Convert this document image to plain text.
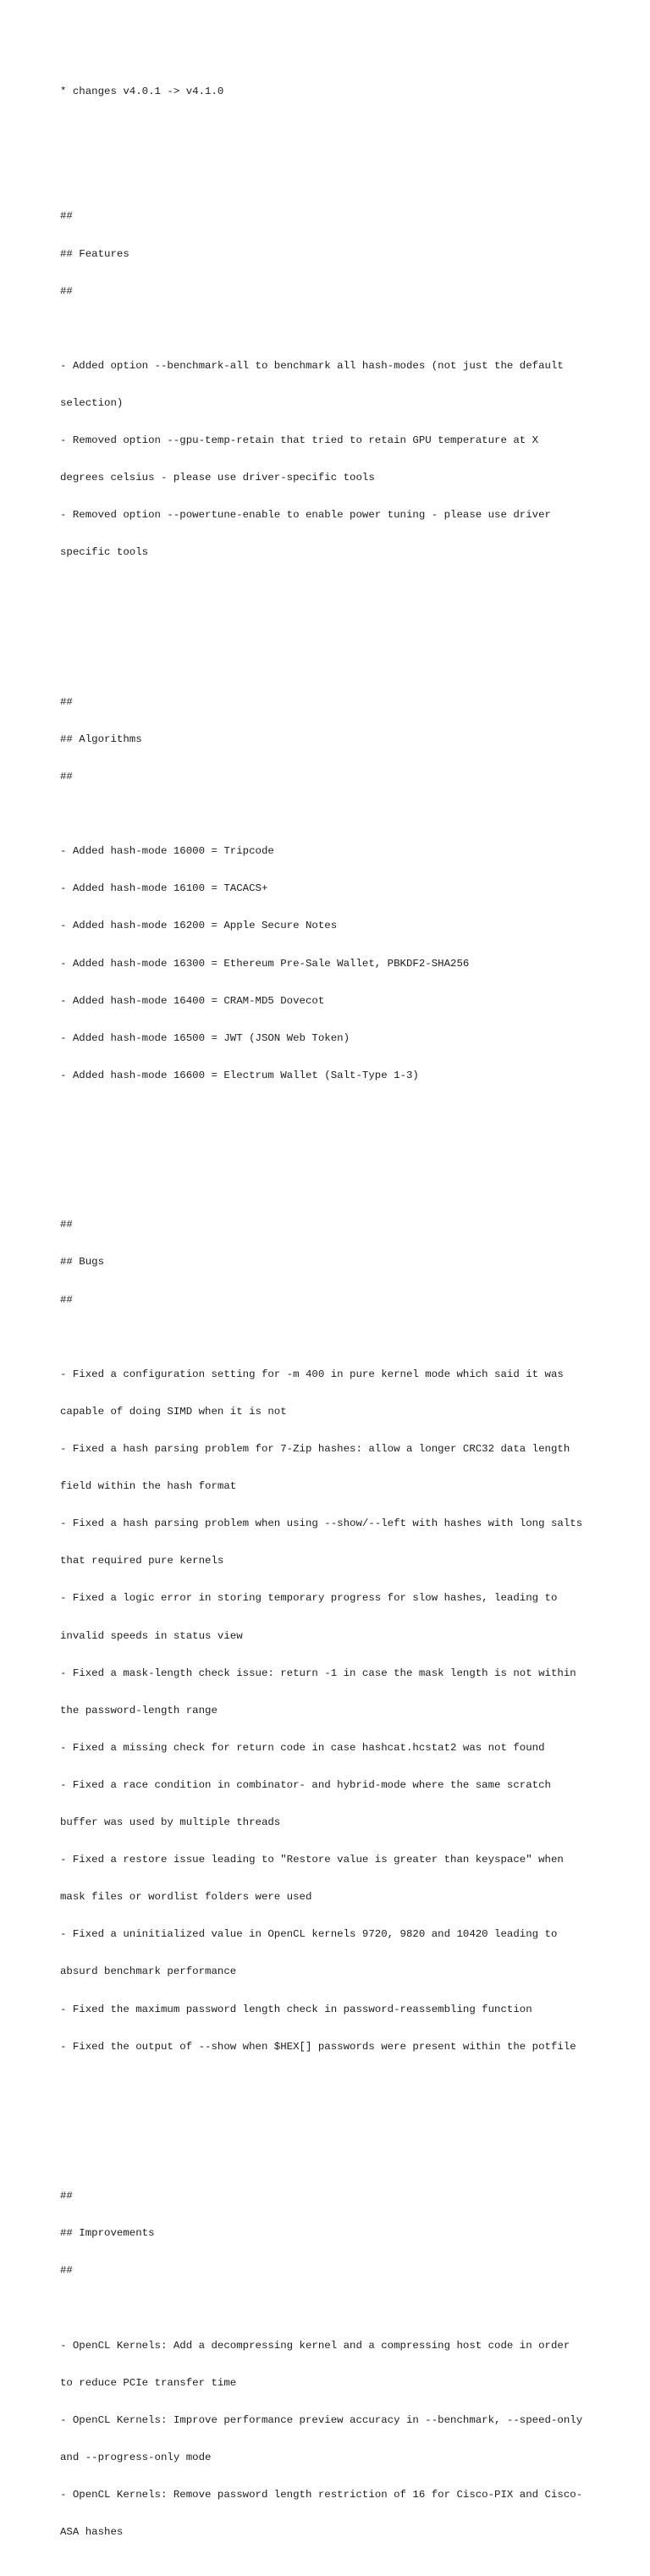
* changes v4.0.1 -> v4.1.0

##

## Features

##

- Added option --benchmark-all to benchmark all hash-modes (not just the default

selection)

- Removed option --gpu-temp-retain that tried to retain GPU temperature at X

degrees celsius - please use driver-specific tools

- Removed option --powertune-enable to enable power tuning - please use driver

specific tools

##

## Algorithms

##

- Added hash-mode 16000 = Tripcode

- Added hash-mode 16100 = TACACS+

- Added hash-mode 16200 = Apple Secure Notes

- Added hash-mode 16300 = Ethereum Pre-Sale Wallet, PBKDF2-SHA256

- Added hash-mode 16400 = CRAM-MD5 Dovecot

- Added hash-mode 16500 = JWT (JSON Web Token)

- Added hash-mode 16600 = Electrum Wallet (Salt-Type 1-3)

##

## Bugs

##

- Fixed a configuration setting for -m 400 in pure kernel mode which said it was

capable of doing SIMD when it is not

- Fixed a hash parsing problem for 7-Zip hashes: allow a longer CRC32 data length

field within the hash format

- Fixed a hash parsing problem when using --show/--left with hashes with long salts

that required pure kernels

- Fixed a logic error in storing temporary progress for slow hashes, leading to

invalid speeds in status view

- Fixed a mask-length check issue: return -1 in case the mask length is not within

the password-length range

- Fixed a missing check for return code in case hashcat.hcstat2 was not found

- Fixed a race condition in combinator- and hybrid-mode where the same scratch

buffer was used by multiple threads

- Fixed a restore issue leading to "Restore value is greater than keyspace" when

mask files or wordlist folders were used

- Fixed a uninitialized value in OpenCL kernels 9720, 9820 and 10420 leading to

absurd benchmark performance

- Fixed the maximum password length check in password-reassembling function

- Fixed the output of --show when $HEX[] passwords were present within the potfile

##

## Improvements

##

- OpenCL Kernels: Add a decompressing kernel and a compressing host code in order

to reduce PCIe transfer time

- OpenCL Kernels: Improve performance preview accuracy in --benchmark, --speed-only

and --progress-only mode

- OpenCL Kernels: Remove password length restriction of 16 for Cisco-PIX and Cisco-

ASA hashes
